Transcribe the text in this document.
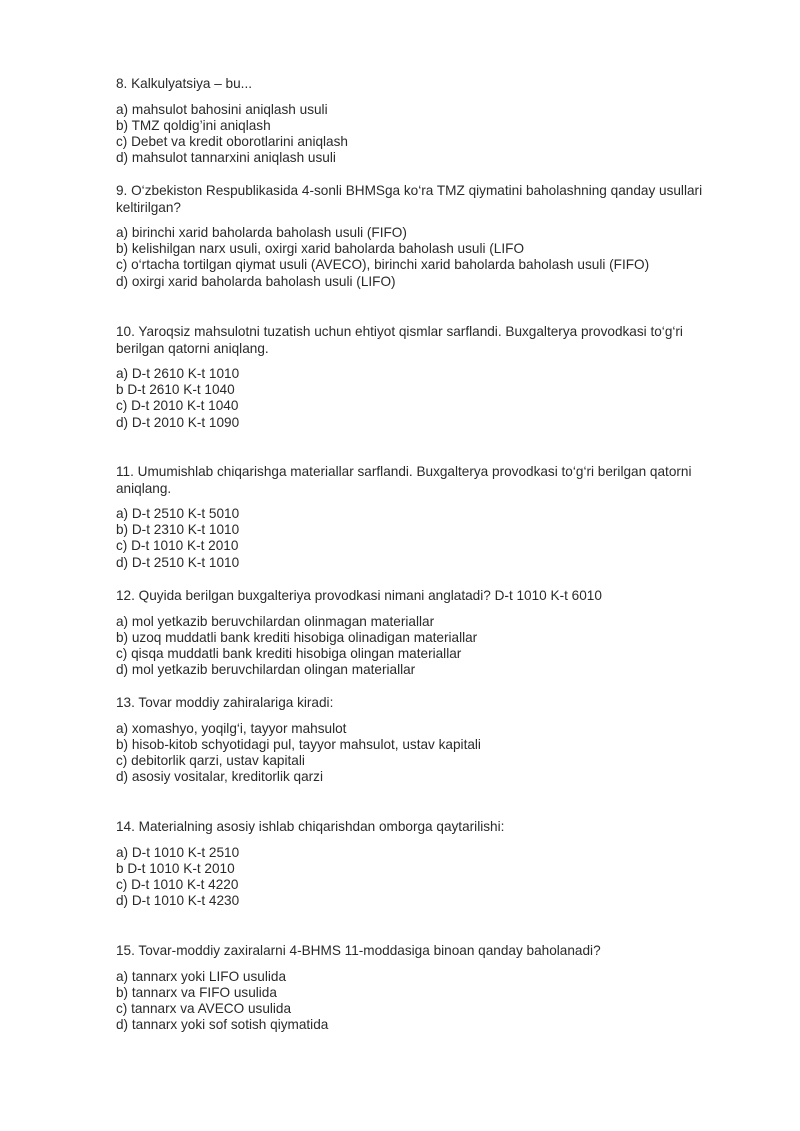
8. Kalkulyatsiya – bu...

a) mahsulot bahosini aniqlash usuli
b) TMZ qoldig’ini aniqlash
c) Debet va kredit oborotlarini aniqlash
d) mahsulot tannarxini aniqlash usuli

9. O‘zbekiston Respublikasida 4-sonli BHMSga ko‘ra TMZ qiymatini baholashning qanday usullari keltirilgan?

a) birinchi xarid baholarda baholash usuli (FIFO)
b) kelishilgan narx usuli, oxirgi xarid baholarda baholash usuli (LIFO
c) o‘rtacha tortilgan qiymat usuli (AVECO), birinchi xarid baholarda baholash usuli (FIFO)
d) oxirgi xarid baholarda baholash usuli (LIFO)

10. Yaroqsiz mahsulotni tuzatish uchun ehtiyot qismlar sarflandi. Buxgalterya provodkasi to‘g‘ri berilgan qatorni aniqlang.

a) D-t 2610 K-t 1010
b D-t 2610 K-t 1040
c) D-t 2010 K-t 1040
d) D-t 2010 K-t 1090

11. Umumishlab chiqarishga materiallar sarflandi. Buxgalterya provodkasi to‘g‘ri berilgan qatorni aniqlang.

a) D-t 2510 K-t 5010
b) D-t 2310 K-t 1010
c) D-t 1010 K-t 2010
d) D-t 2510 K-t 1010

12. Quyida berilgan buxgalteriya provodkasi nimani anglatadi? D-t 1010 K-t 6010

a) mol yetkazib beruvchilardan olinmagan materiallar
b) uzoq muddatli bank krediti hisobiga olinadigan materiallar
c) qisqa muddatli bank krediti hisobiga olingan materiallar
d) mol yetkazib beruvchilardan olingan materiallar

13. Tovar moddiy zahiralariga kiradi:

a) xomashyo, yoqilg‘i, tayyor mahsulot
b) hisob-kitob schyotidagi pul, tayyor mahsulot, ustav kapitali
c) debitorlik qarzi, ustav kapitali
d) asosiy vositalar, kreditorlik qarzi

14. Materialning asosiy ishlab chiqarishdan omborga qaytarilishi:

a) D-t 1010 K-t 2510
b D-t 1010 K-t 2010
c) D-t 1010 K-t 4220
d) D-t 1010 K-t 4230

15. Tovar-moddiy zaxiralarni 4-BHMS 11-moddasiga binoan qanday baholanadi?

a) tannarx yoki LIFO usulida
b) tannarx va FIFO usulida
c) tannarx va AVECO usulida
d) tannarx yoki sof sotish qiymatida
